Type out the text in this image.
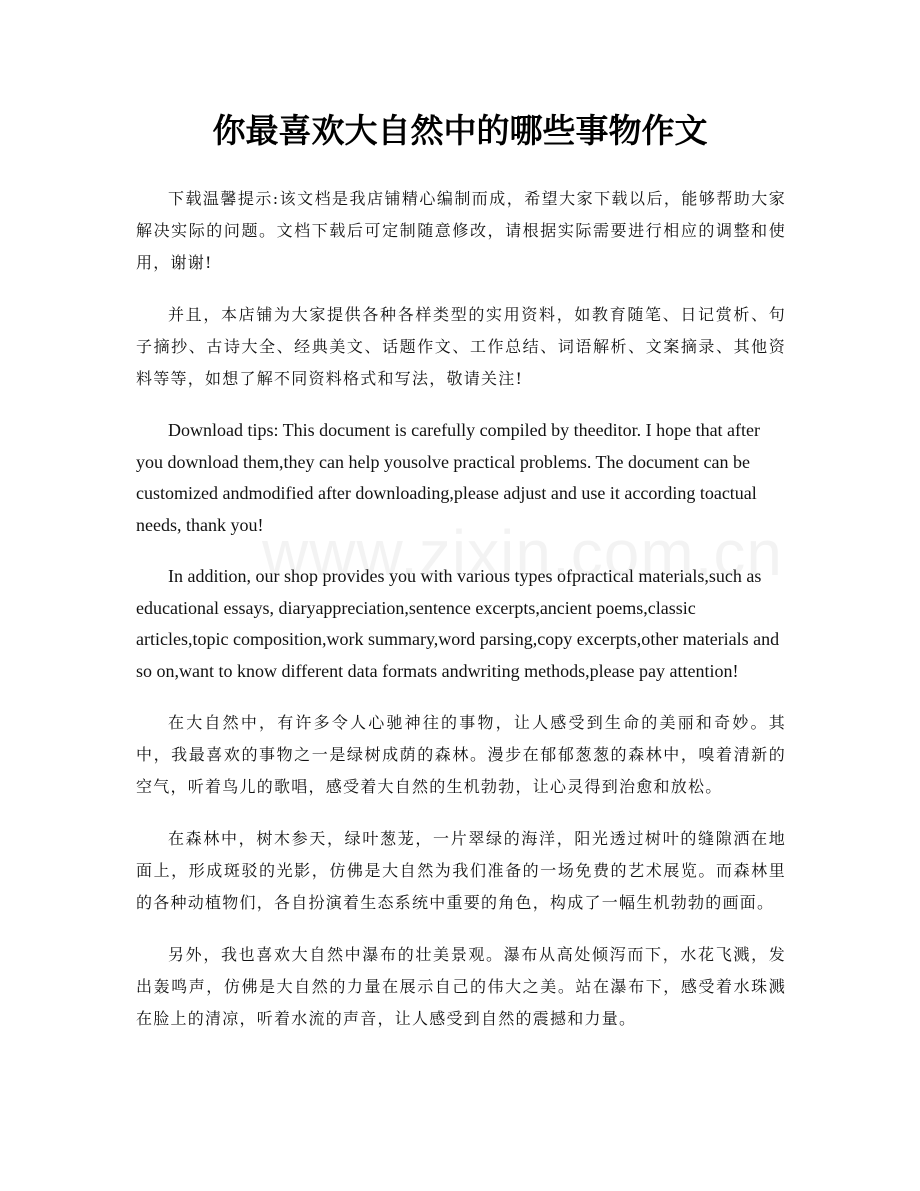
你最喜欢大自然中的哪些事物作文

下载温馨提示:该文档是我店铺精心编制而成，希望大家下载以后，能够帮助大家解决实际的问题。文档下载后可定制随意修改，请根据实际需要进行相应的调整和使用，谢谢!

并且，本店铺为大家提供各种各样类型的实用资料，如教育随笔、日记赏析、句子摘抄、古诗大全、经典美文、话题作文、工作总结、词语解析、文案摘录、其他资料等等，如想了解不同资料格式和写法，敬请关注!

Download tips: This document is carefully compiled by theeditor. I hope that after you download them,they can help yousolve practical problems. The document can be customized andmodified after downloading,please adjust and use it according toactual needs, thank you!

In addition, our shop provides you with various types ofpractical materials,such as educational essays, diaryappreciation,sentence excerpts,ancient poems,classic articles,topic composition,work summary,word parsing,copy excerpts,other materials and so on,want to know different data formats andwriting methods,please pay attention!

在大自然中，有许多令人心驰神往的事物，让人感受到生命的美丽和奇妙。其中，我最喜欢的事物之一是绿树成荫的森林。漫步在郁郁葱葱的森林中，嗅着清新的空气，听着鸟儿的歌唱，感受着大自然的生机勃勃，让心灵得到治愈和放松。

在森林中，树木参天，绿叶葱茏，一片翠绿的海洋，阳光透过树叶的缝隙洒在地面上，形成斑驳的光影，仿佛是大自然为我们准备的一场免费的艺术展览。而森林里的各种动植物们，各自扮演着生态系统中重要的角色，构成了一幅生机勃勃的画面。

另外，我也喜欢大自然中瀑布的壮美景观。瀑布从高处倾泻而下，水花飞溅，发出轰鸣声，仿佛是大自然的力量在展示自己的伟大之美。站在瀑布下，感受着水珠溅在脸上的清凉，听着水流的声音，让人感受到自然的震撼和力量。
